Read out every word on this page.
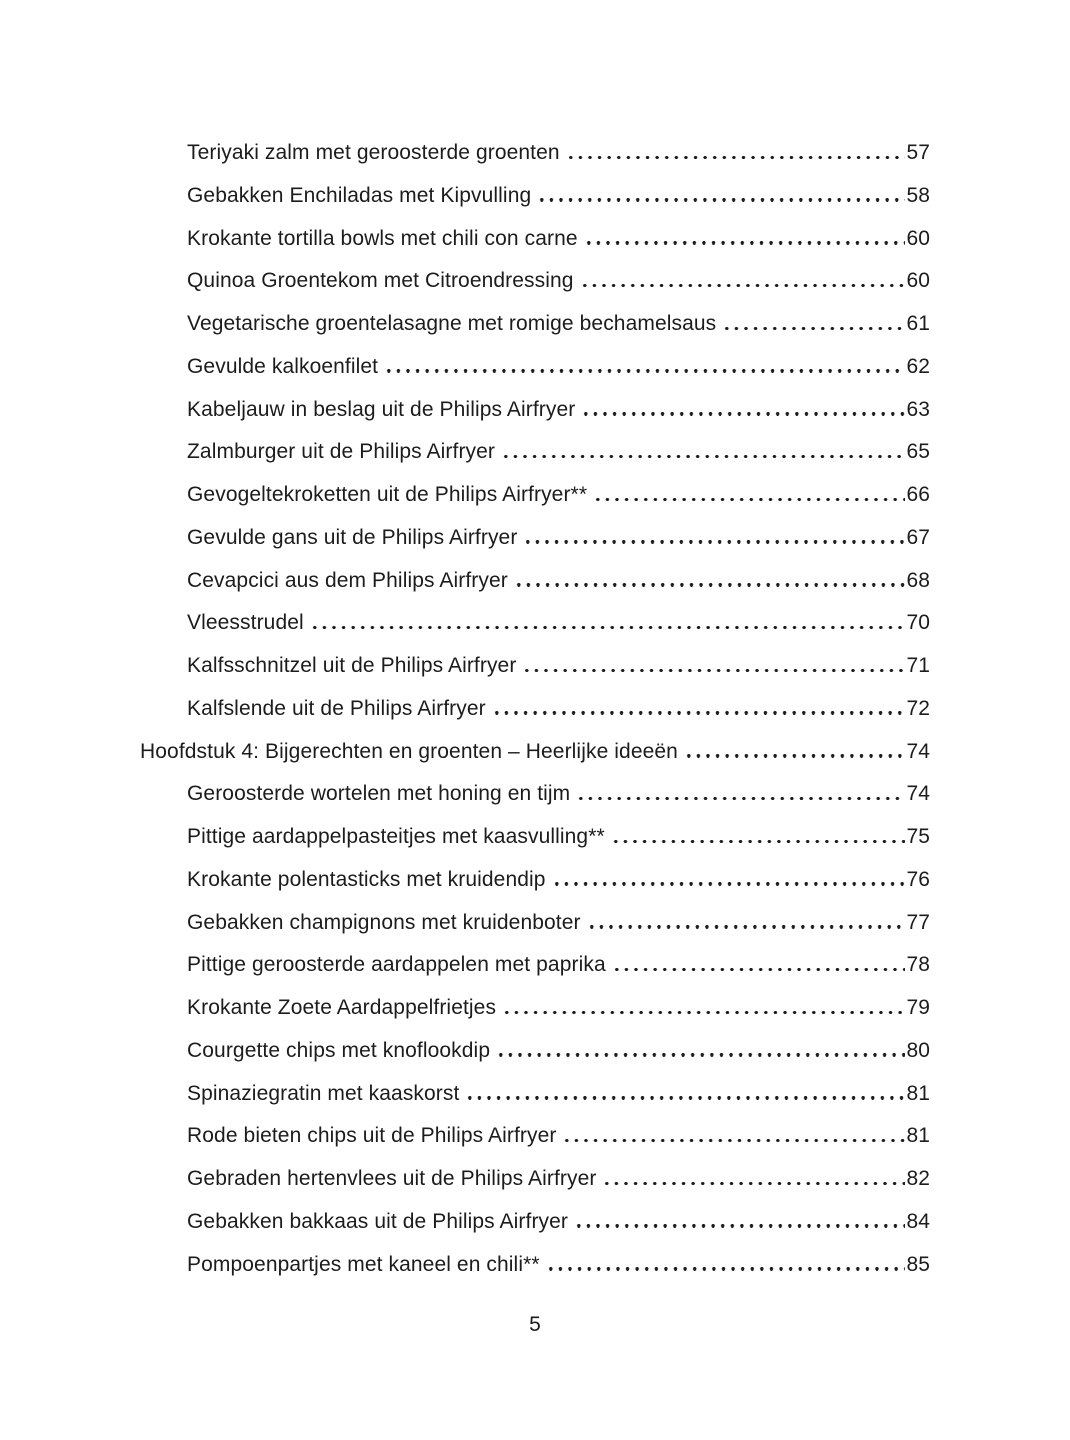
Teriyaki zalm met geroosterde groenten	57
Gebakken Enchiladas met Kipvulling	58
Krokante tortilla bowls met chili con carne	60
Quinoa Groentekom met Citroendressing	60
Vegetarische groentelasagne met romige bechamelsaus	61
Gevulde kalkoenfilet	62
Kabeljauw in beslag uit de Philips Airfryer	63
Zalmburger uit de Philips Airfryer	65
Gevogeltekroketten uit de Philips Airfryer**	66
Gevulde gans uit de Philips Airfryer	67
Cevapcici aus dem Philips Airfryer	68
Vleesstrudel	70
Kalfsschnitzel uit de Philips Airfryer	71
Kalfslende uit de Philips Airfryer	72
Hoofdstuk 4: Bijgerechten en groenten – Heerlijke ideeën	74
Geroosterde wortelen met honing en tijm	74
Pittige aardappelpasteitjes met kaasvulling**	75
Krokante polentasticks met kruidendip	76
Gebakken champignons met kruidenboter	77
Pittige geroosterde aardappelen met paprika	78
Krokante Zoete Aardappelfrietjes	79
Courgette chips met knoflookdip	80
Spinaziegratin met kaaskorst	81
Rode bieten chips uit de Philips Airfryer	81
Gebraden hertenvlees uit de Philips Airfryer	82
Gebakken bakkaas uit de Philips Airfryer	84
Pompoenpartjes met kaneel en chili**	85
5
